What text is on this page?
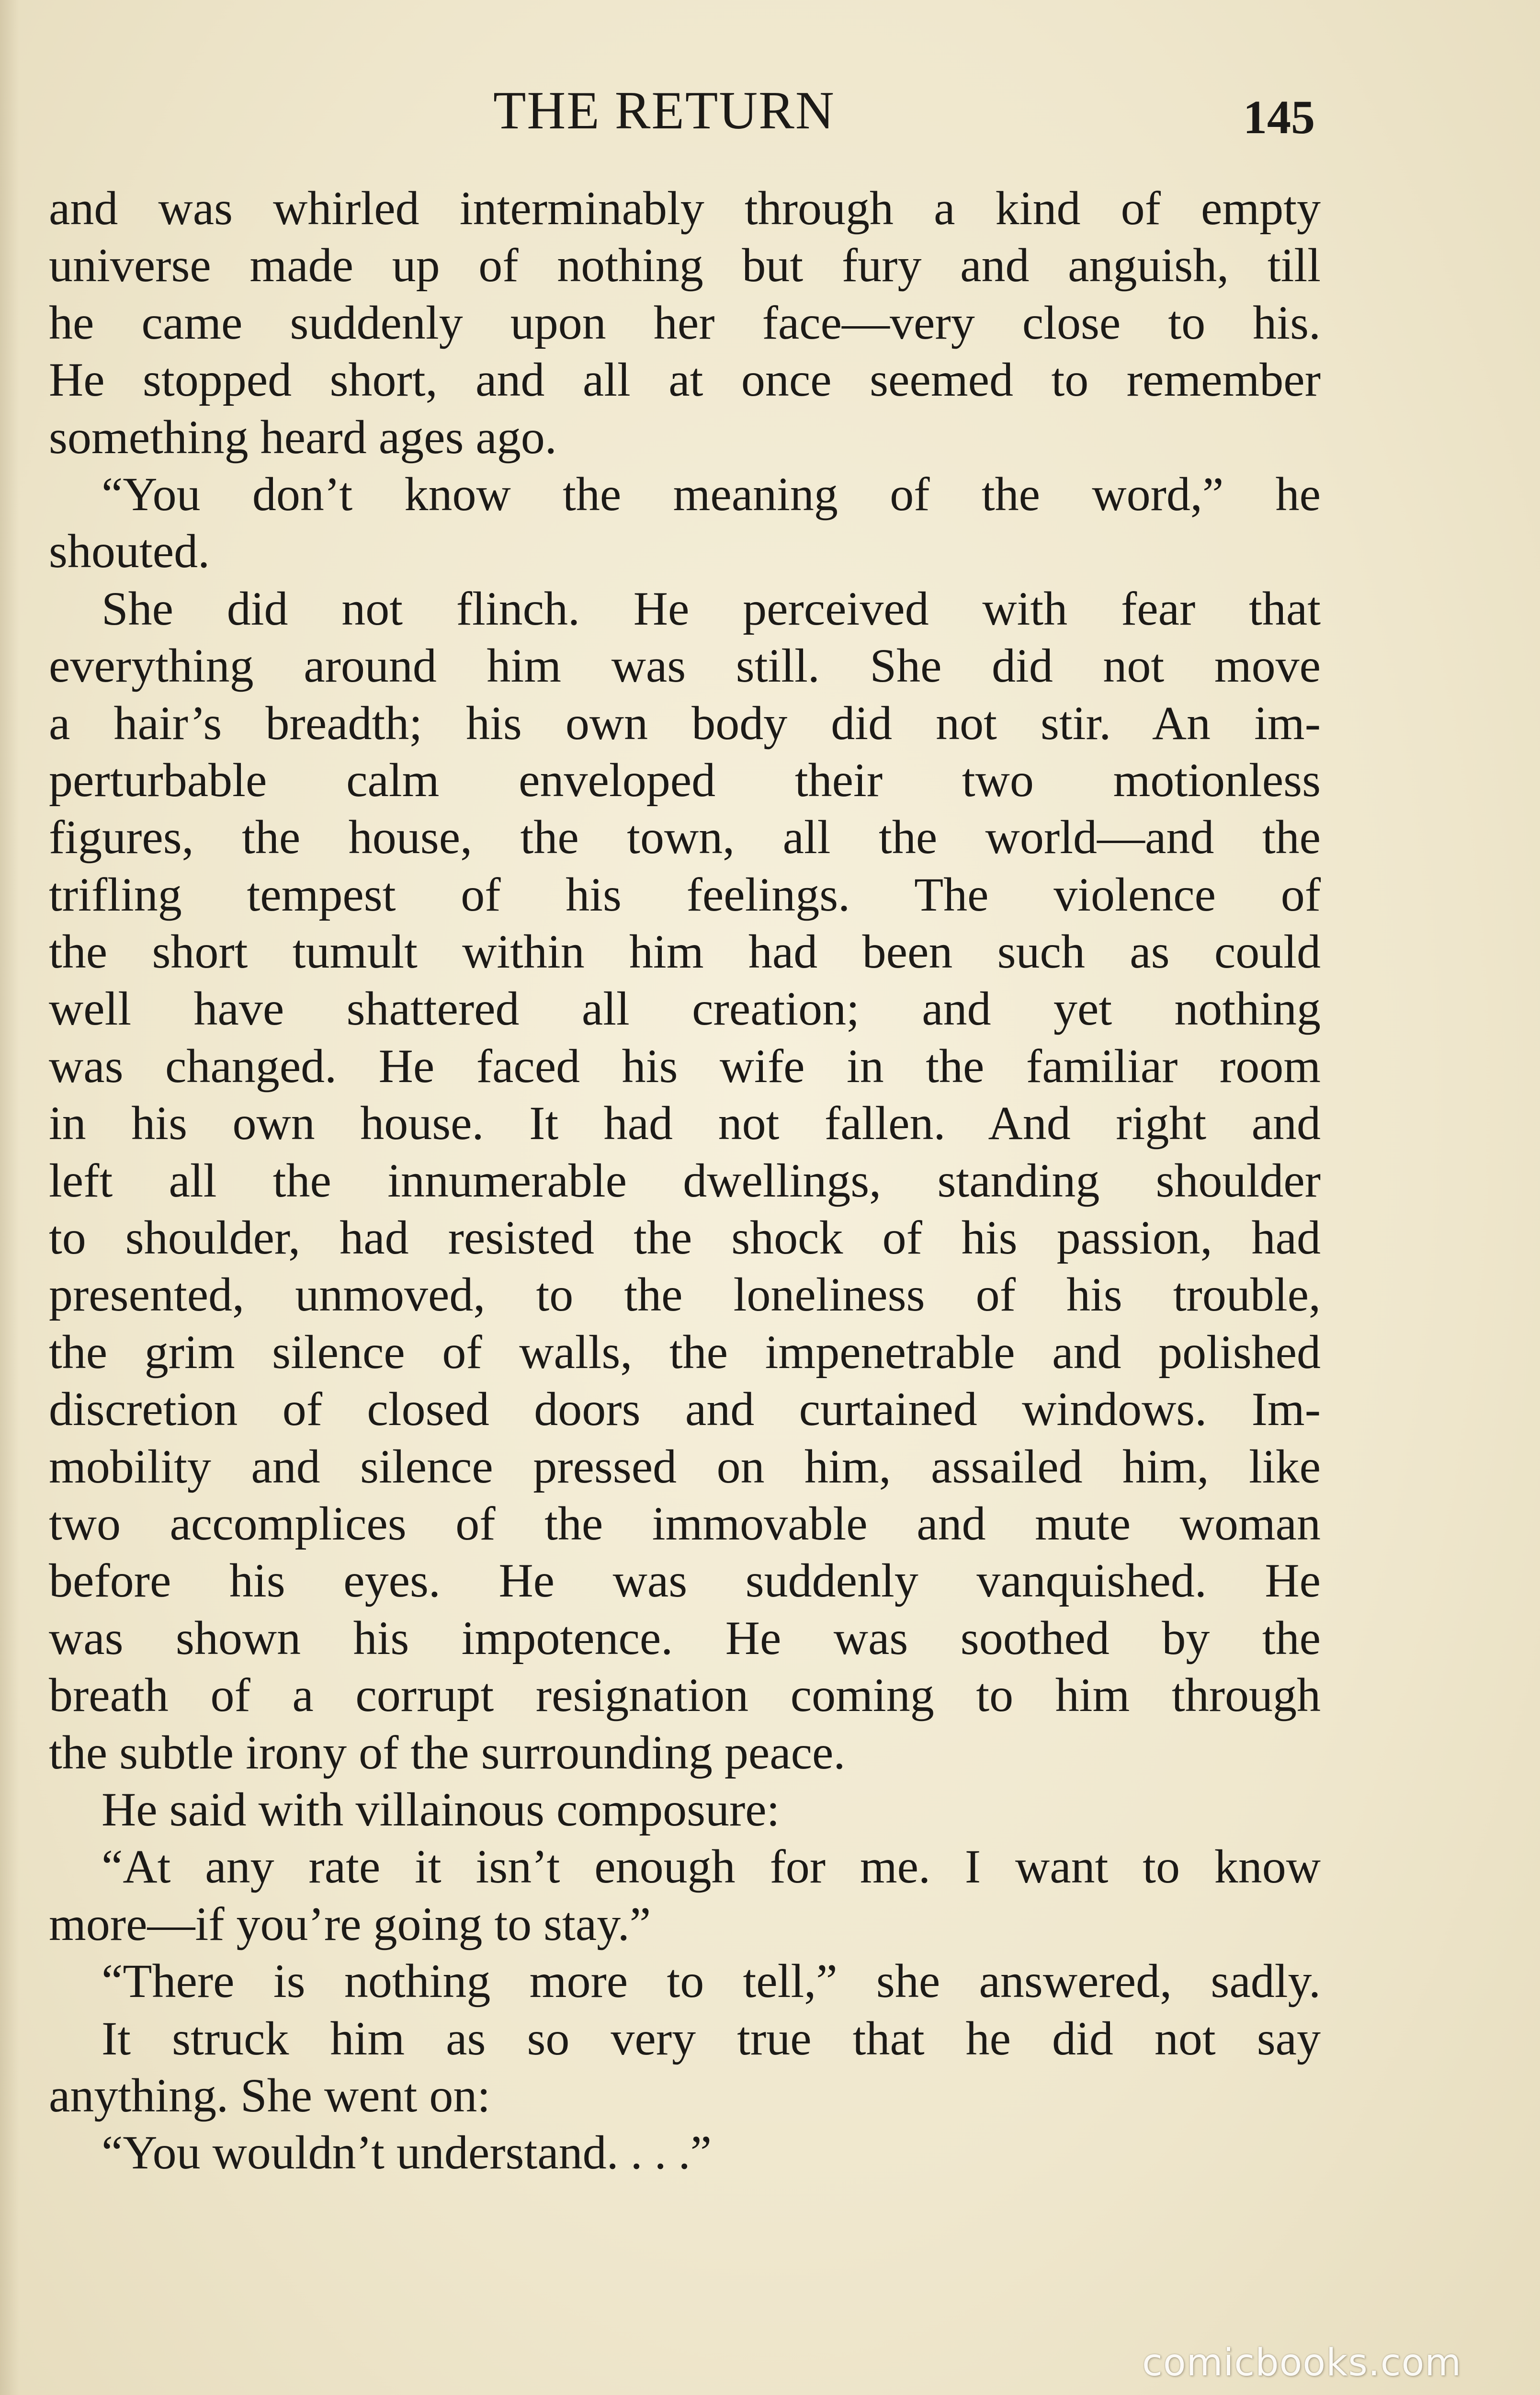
THE RETURN	145
and was whirled interminably through a kind of empty
universe made up of nothing but fury and anguish, till
he came suddenly upon her face—very close to his.
He stopped short, and all at once seemed to remember
something heard ages ago.
“You don’t know the meaning of the word,” he
shouted.
She did not flinch. He perceived with fear that
everything around him was still. She did not move
a hair’s breadth; his own body did not stir. An im-
perturbable calm enveloped their two motionless
figures, the house, the town, all the world—and the
trifling tempest of his feelings. The violence of
the short tumult within him had been such as could
well have shattered all creation; and yet nothing
was changed. He faced his wife in the familiar room
in his own house. It had not fallen. And right and
left all the innumerable dwellings, standing shoulder
to shoulder, had resisted the shock of his passion, had
presented, unmoved, to the loneliness of his trouble,
the grim silence of walls, the impenetrable and polished
discretion of closed doors and curtained windows. Im-
mobility and silence pressed on him, assailed him, like
two accomplices of the immovable and mute woman
before his eyes. He was suddenly vanquished. He
was shown his impotence. He was soothed by the
breath of a corrupt resignation coming to him through
the subtle irony of the surrounding peace.
He said with villainous composure:
“At any rate it isn’t enough for me. I want to know
more—if you’re going to stay.”
“There is nothing more to tell,” she answered, sadly.
It struck him as so very true that he did not say
anything. She went on:
“You wouldn’t understand. . . .”
comicbooks.com
